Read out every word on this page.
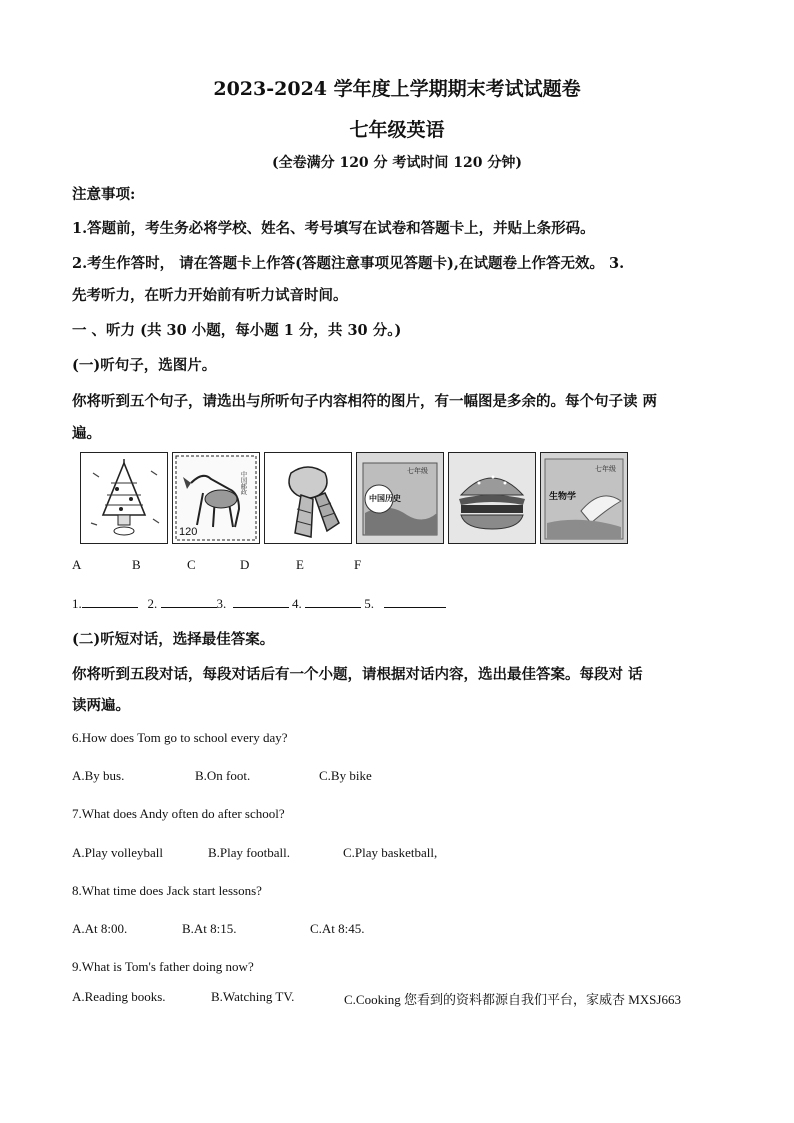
2023-2024 学年度上学期期末考试试题卷
七年级英语
(全卷满分 120 分 考试时间 120 分钟)
注意事项:
1.答题前，考生务必将学校、姓名、考号填写在试卷和答题卡上，并贴上条形码。
2.考生作答时， 请在答题卡上作答(答题注意事项见答题卡),在试题卷上作答无效。 3.
先考听力，在听力开始前有听力试音时间。
一 、听力 (共 30 小题，每小题 1 分，共 30 分。)
(一)听句子，选图片。
你将听到五个句子，请选出与所听句子内容相符的图片，有一幅图是多余的。每个句子读 两
遍。
120
中国邮政	七年级
中国历史
七年级
生物学
A	B	C	D	E	F
1.	2.	3.	4.	5.
(二)听短对话，选择最佳答案。
你将听到五段对话，每段对话后有一个小题，请根据对话内容，选出最佳答案。每段对 话
读两遍。
6.How does Tom go to school every day?
A.By bus.	B.On foot.	C.By bike
7.What does Andy often do after school?
A.Play volleyball	B.Play football.	C.Play basketball,
8.What time does Jack start lessons?
A.At 8:00.	B.At 8:15.	C.At 8:45.
9.What is Tom's father doing now?
A.Reading books.	B.Watching TV.	C.Cooking 您看到的资料都源自我们平台，家威杏 MXSJ663
